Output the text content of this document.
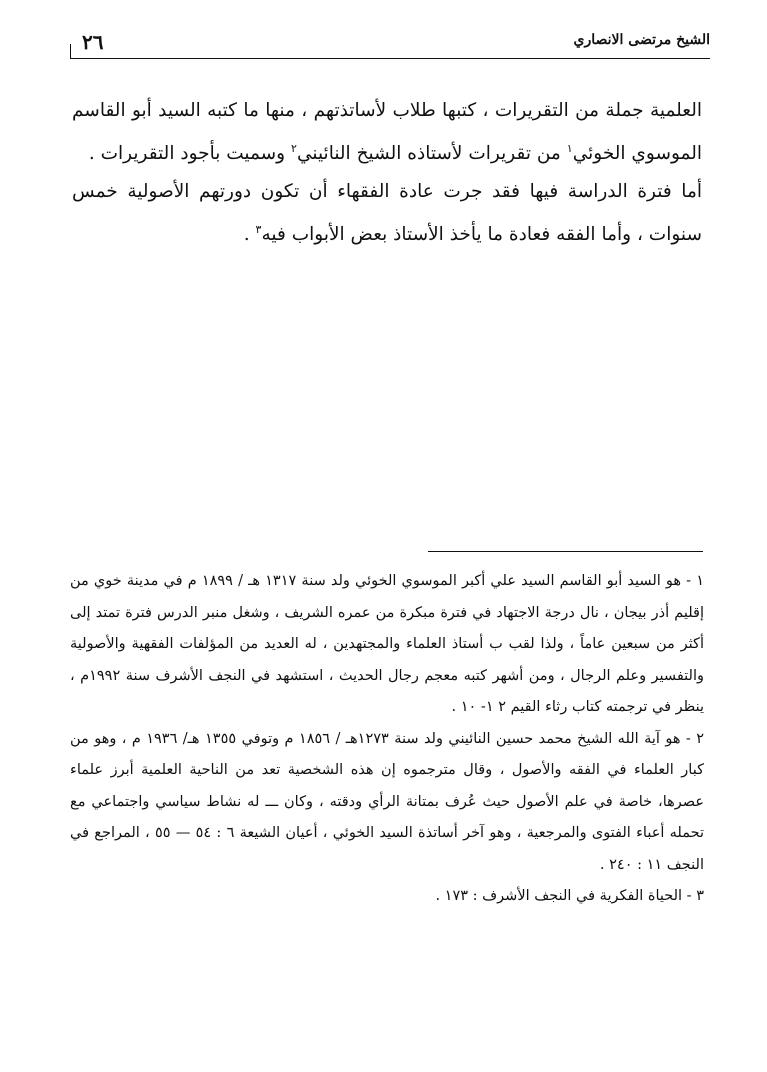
٢٦	الشيخ مرتضى الانصاري

العلمية جملة من التقريرات ، كتبها طلاب لأساتذتهم ، منها ما كتبه السيد أبو القاسم الموسوي الخوئي$^١$ من تقريرات لأستاذه الشيخ النائيني$^٢$ وسميت بأجود التقريرات .

أما فترة الدراسة فيها فقد جرت عادة الفقهاء أن تكون دورتهم الأصولية خمس سنوات ، وأما الفقه فعادة ما يأخذ الأستاذ بعض الأبواب فيه$^٣$ .

١ - هو السيد أبو القاسم السيد علي أكبر الموسوي الخوئي ولد سنة ١٣١٧ هـ / ١٨٩٩ م في مدينة خوي من إقليم أذر بيجان ، نال درجة الاجتهاد في فترة مبكرة من عمره الشريف ، وشغل منبر الدرس فترة تمتد إلى أكثر من سبعين عاماً ، ولذا لقب ب أستاذ العلماء والمجتهدين ، له العديد من المؤلفات الفقهية والأصولية والتفسير وعلم الرجال ، ومن أشهر كتبه معجم رجال الحديث ، استشهد في النجف الأشرف سنة ١٩٩٢م ، ينظر في ترجمته كتاب رثاء القيم ٢ ١- ١٠ .

٢ - هو آية الله الشيخ محمد حسين النائيني ولد سنة ١٢٧٣هـ / ١٨٥٦ م وتوفي ١٣٥٥ هـ/ ١٩٣٦ م ، وهو من كبار العلماء في الفقه والأصول ، وقال مترجموه إن هذه الشخصية تعد من الناحية العلمية أبرز علماء عصرها، خاصة في علم الأصول حيث عُرف بمتانة الرأي ودقته ، وكان ـــ له نشاط سياسي واجتماعي مع تحمله أعباء الفتوى والمرجعية ، وهو آخر أساتذة السيد الخوئي ، أعيان الشيعة ٦ : ٥٤ — ٥٥ ، المراجع في النجف ١١ : ٢٤٠ .

٣ - الحياة الفكرية في النجف الأشرف : ١٧٣ .
